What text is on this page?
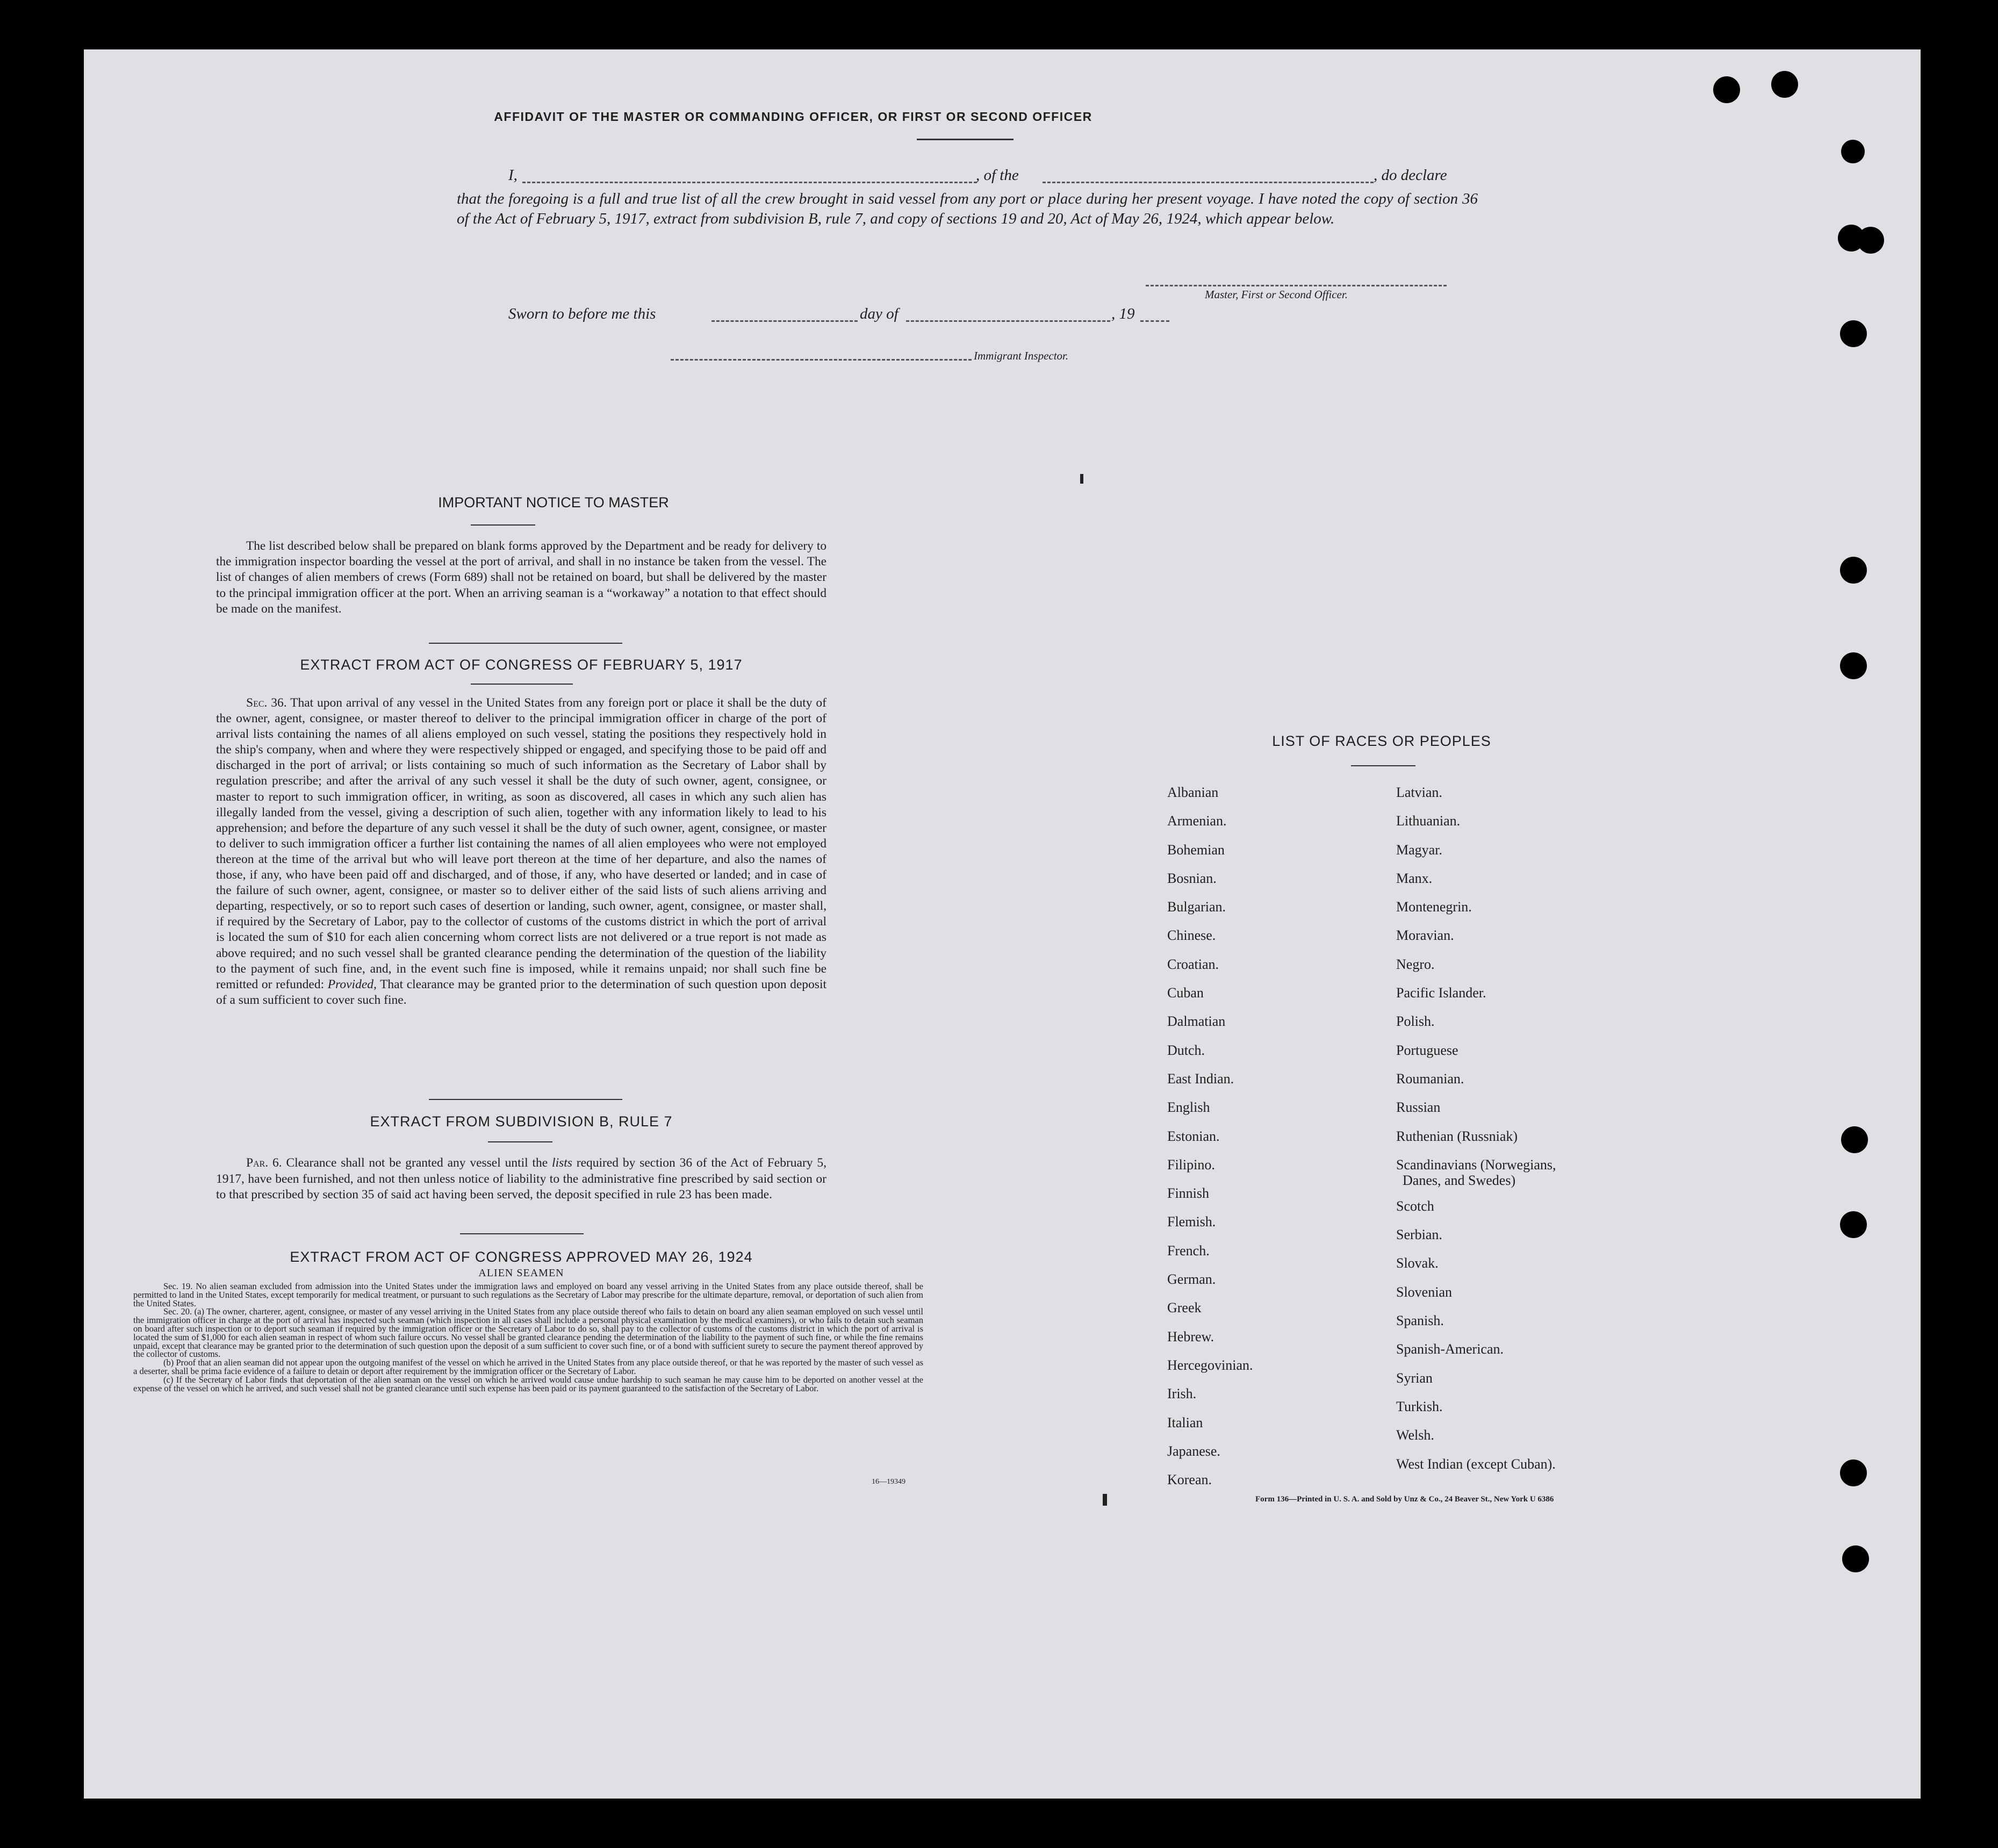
AFFIDAVIT OF THE MASTER OR COMMANDING OFFICER, OR FIRST OR SECOND OFFICER
I,	, of the	, do declare
that the foregoing is a full and true list of all the crew brought in said vessel from any port or place during her present voyage. I have noted the copy of section 36 of the Act of February 5, 1917, extract from subdivision B, rule 7, and copy of sections 19 and 20, Act of May 26, 1924, which appear below.
Master, First or Second Officer.
Sworn to before me this	day of	, 19
Immigrant Inspector.
IMPORTANT NOTICE TO MASTER
The list described below shall be prepared on blank forms approved by the Department and be ready for delivery to the immigration inspector boarding the vessel at the port of arrival, and shall in no instance be taken from the vessel. The list of changes of alien members of crews (Form 689) shall not be retained on board, but shall be delivered by the master to the principal immigration officer at the port. When an arriving seaman is a “workaway” a notation to that effect should be made on the manifest.
EXTRACT FROM ACT OF CONGRESS OF FEBRUARY 5, 1917
Sec. 36. That upon arrival of any vessel in the United States from any foreign port or place it shall be the duty of the owner, agent, consignee, or master thereof to deliver to the principal immigration officer in charge of the port of arrival lists containing the names of all aliens employed on such vessel, stating the positions they respectively hold in the ship's company, when and where they were respectively shipped or engaged, and specifying those to be paid off and discharged in the port of arrival; or lists containing so much of such information as the Secretary of Labor shall by regulation prescribe; and after the arrival of any such vessel it shall be the duty of such owner, agent, consignee, or master to report to such immigration officer, in writing, as soon as discovered, all cases in which any such alien has illegally landed from the vessel, giving a description of such alien, together with any information likely to lead to his apprehension; and before the departure of any such vessel it shall be the duty of such owner, agent, consignee, or master to deliver to such immigration officer a further list containing the names of all alien employees who were not employed thereon at the time of the arrival but who will leave port thereon at the time of her departure, and also the names of those, if any, who have been paid off and discharged, and of those, if any, who have deserted or landed; and in case of the failure of such owner, agent, consignee, or master so to deliver either of the said lists of such aliens arriving and departing, respectively, or so to report such cases of desertion or landing, such owner, agent, consignee, or master shall, if required by the Secretary of Labor, pay to the collector of customs of the customs district in which the port of arrival is located the sum of $10 for each alien concerning whom correct lists are not delivered or a true report is not made as above required; and no such vessel shall be granted clearance pending the determination of the question of the liability to the payment of such fine, and, in the event such fine is imposed, while it remains unpaid; nor shall such fine be remitted or refunded: Provided, That clearance may be granted prior to the determination of such question upon deposit of a sum sufficient to cover such fine.
EXTRACT FROM SUBDIVISION B, RULE 7
Par. 6. Clearance shall not be granted any vessel until the lists required by section 36 of the Act of February 5, 1917, have been furnished, and not then unless notice of liability to the administrative fine prescribed by said section or to that prescribed by section 35 of said act having been served, the deposit specified in rule 23 has been made.
EXTRACT FROM ACT OF CONGRESS APPROVED MAY 26, 1924
ALIEN SEAMEN
Sec. 19. No alien seaman excluded from admission into the United States under the immigration laws and employed on board any vessel arriving in the United States from any place outside thereof, shall be permitted to land in the United States, except temporarily for medical treatment, or pursuant to such regulations as the Secretary of Labor may prescribe for the ultimate departure, removal, or deportation of such alien from the United States.
Sec. 20. (a) The owner, charterer, agent, consignee, or master of any vessel arriving in the United States from any place outside thereof who fails to detain on board any alien seaman employed on such vessel until the immigration officer in charge at the port of arrival has inspected such seaman (which inspection in all cases shall include a personal physical examination by the medical examiners), or who fails to detain such seaman on board after such inspection or to deport such seaman if required by the immigration officer or the Secretary of Labor to do so, shall pay to the collector of customs of the customs district in which the port of arrival is located the sum of $1,000 for each alien seaman in respect of whom such failure occurs. No vessel shall be granted clearance pending the determination of the liability to the payment of such fine, or while the fine remains unpaid, except that clearance may be granted prior to the determination of such question upon the deposit of a sum sufficient to cover such fine, or of a bond with sufficient surety to secure the payment thereof approved by the collector of customs.
(b) Proof that an alien seaman did not appear upon the outgoing manifest of the vessel on which he arrived in the United States from any place outside thereof, or that he was reported by the master of such vessel as a deserter, shall be prima facie evidence of a failure to detain or deport after requirement by the immigration officer or the Secretary of Labor.
(c) If the Secretary of Labor finds that deportation of the alien seaman on the vessel on which he arrived would cause undue hardship to such seaman he may cause him to be deported on another vessel at the expense of the vessel on which he arrived, and such vessel shall not be granted clearance until such expense has been paid or its payment guaranteed to the satisfaction of the Secretary of Labor.
16—19349
LIST OF RACES OR PEOPLES
Albanian
Armenian.
Bohemian
Bosnian.
Bulgarian.
Chinese.
Croatian.
Cuban
Dalmatian
Dutch.
East Indian.
English
Estonian.
Filipino.
Finnish
Flemish.
French.
German.
Greek
Hebrew.
Hercegovinian.
Irish.
Italian
Japanese.
Korean.
Latvian.
Lithuanian.
Magyar.
Manx.
Montenegrin.
Moravian.
Negro.
Pacific Islander.
Polish.
Portuguese
Roumanian.
Russian
Ruthenian (Russniak)
Scandinavians (Norwegians,
Danes, and Swedes)
Scotch
Serbian.
Slovak.
Slovenian
Spanish.
Spanish-American.
Syrian
Turkish.
Welsh.
West Indian (except Cuban).
Form 136—Printed in U. S. A. and Sold by Unz & Co., 24 Beaver St., New York U 6386
